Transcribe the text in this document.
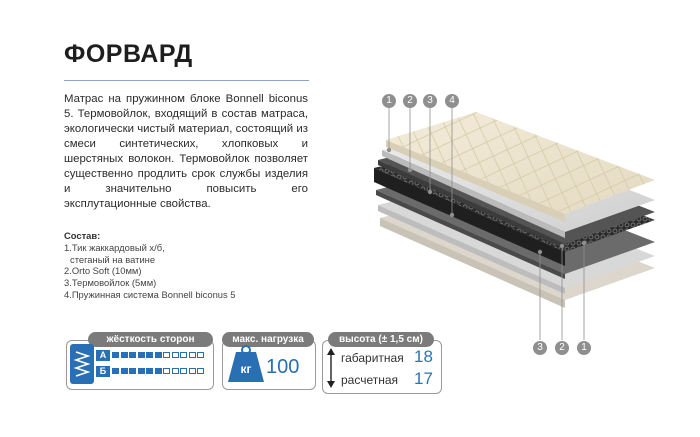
ФОРВАРД
Матрас на пружинном блоке Bonnell biconus 5. Термовойлок, входящий в состав матраса, экологически чистый материал, состоящий из смеси синтетических, хлопковых и шерстяных волокон. Термовойлок позволяет существенно продлить срок службы изделия и значительно повысить его эксплутационные свойства.
Состав:
1.Тик жаккардовый х/б,
стеганый на ватине
2.Orto Soft (10мм)
3.Термовойлок (5мм)
4.Пружинная система Bonnell biconus 5
1	2	3	4
3	2	1
жёсткость сторон
А
Б
макс. нагрузка
кг 100
высота (± 1,5 см)
габаритная 18
расчетная 17
